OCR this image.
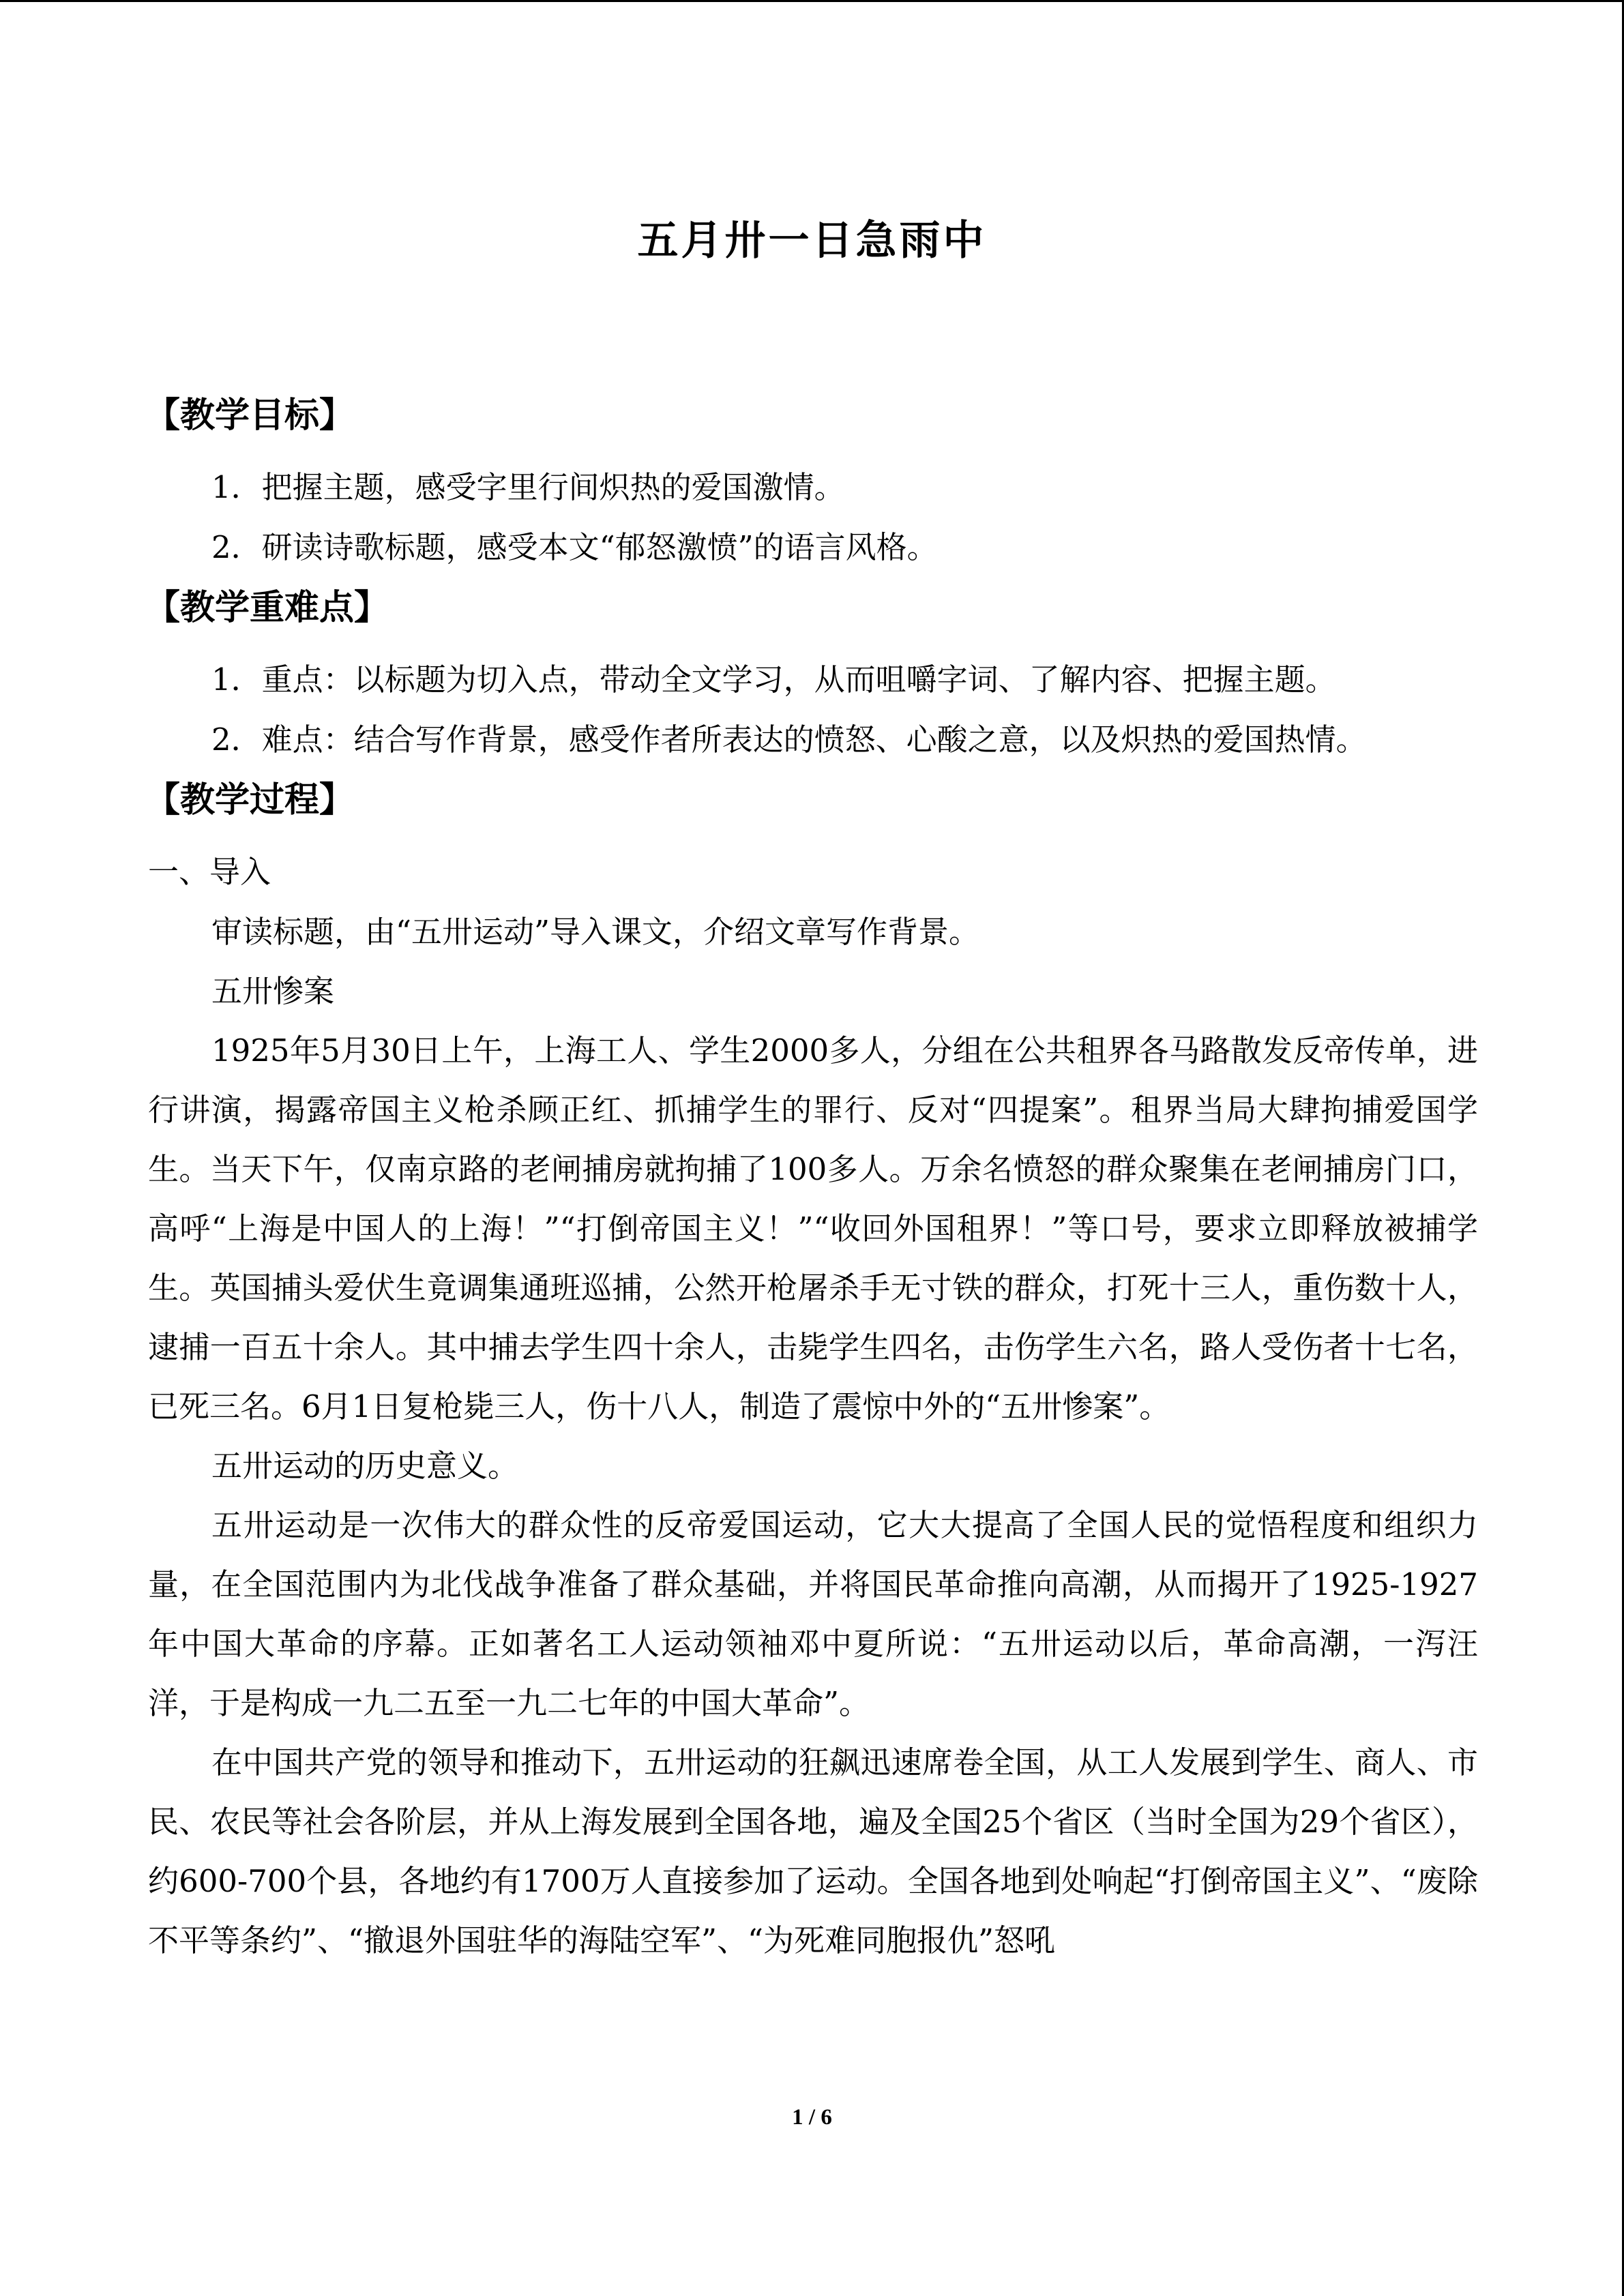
五月卅一日急雨中
【教学目标】
1．把握主题，感受字里行间炽热的爱国激情。
2．研读诗歌标题，感受本文“郁怒激愤”的语言风格。
【教学重难点】
1．重点：以标题为切入点，带动全文学习，从而咀嚼字词、了解内容、把握主题。
2．难点：结合写作背景，感受作者所表达的愤怒、心酸之意，以及炽热的爱国热情。
【教学过程】
一、导入

审读标题，由“五卅运动”导入课文，介绍文章写作背景。

五卅惨案

1925年5月30日上午，上海工人、学生2000多人，分组在公共租界各马路散发反帝传单，进行讲演，揭露帝国主义枪杀顾正红、抓捕学生的罪行、反对“四提案”。租界当局大肆拘捕爱国学生。当天下午，仅南京路的老闸捕房就拘捕了100多人。万余名愤怒的群众聚集在老闸捕房门口，高呼“上海是中国人的上海！”“打倒帝国主义！”“收回外国租界！”等口号，要求立即释放被捕学生。英国捕头爱伏生竟调集通班巡捕，公然开枪屠杀手无寸铁的群众，打死十三人，重伤数十人，逮捕一百五十余人。其中捕去学生四十余人，击毙学生四名，击伤学生六名，路人受伤者十七名，已死三名。6月1日复枪毙三人，伤十八人，制造了震惊中外的“五卅惨案”。

五卅运动的历史意义。

五卅运动是一次伟大的群众性的反帝爱国运动，它大大提高了全国人民的觉悟程度和组织力量，在全国范围内为北伐战争准备了群众基础，并将国民革命推向高潮，从而揭开了1925-1927年中国大革命的序幕。正如著名工人运动领袖邓中夏所说：“五卅运动以后，革命高潮，一泻汪洋，于是构成一九二五至一九二七年的中国大革命”。

在中国共产党的领导和推动下，五卅运动的狂飙迅速席卷全国，从工人发展到学生、商人、市民、农民等社会各阶层，并从上海发展到全国各地，遍及全国25个省区（当时全国为29个省区），约600-700个县，各地约有1700万人直接参加了运动。全国各地到处响起“打倒帝国主义”、“废除不平等条约”、“撤退外国驻华的海陆空军”、“为死难同胞报仇”怒吼

1 / 6
